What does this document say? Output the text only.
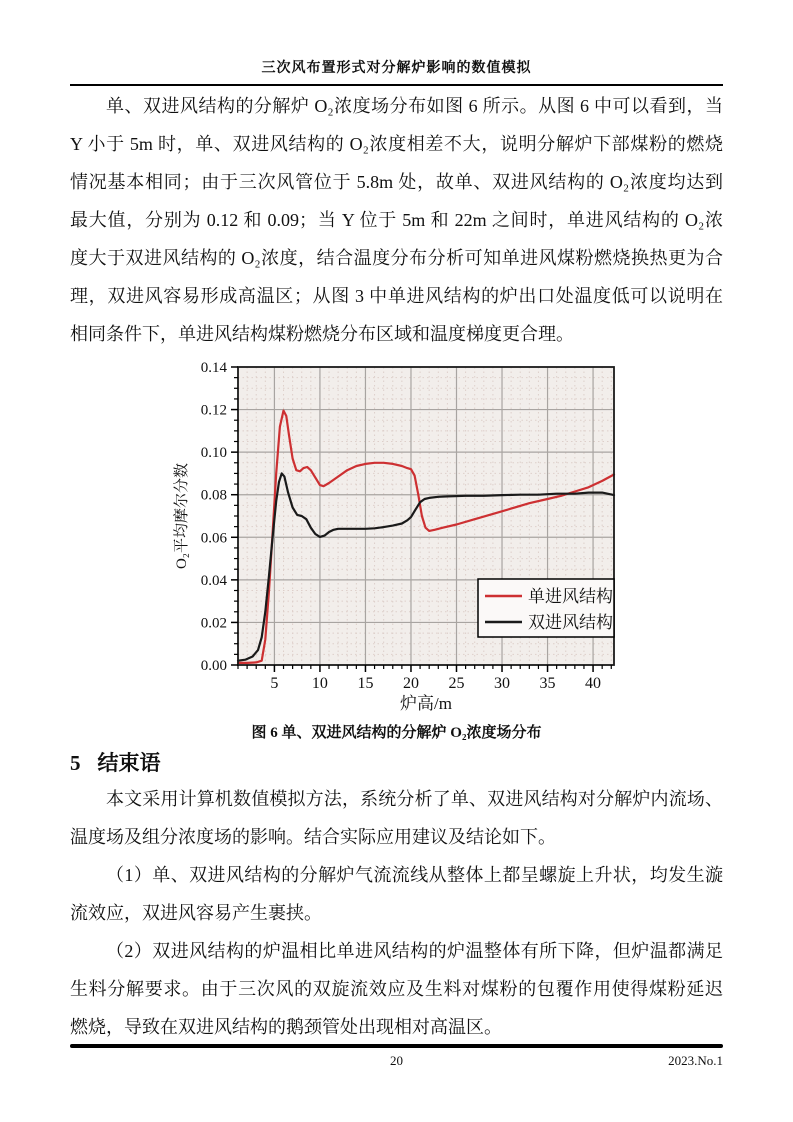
三次风布置形式对分解炉影响的数值模拟
单、双进风结构的分解炉 O₂浓度场分布如图 6 所示。从图 6 中可以看到，当
Y 小于 5m 时，单、双进风结构的 O₂浓度相差不大，说明分解炉下部煤粉的燃烧
情况基本相同；由于三次风管位于 5.8m 处，故单、双进风结构的 O₂浓度均达到
最大值，分别为 0.12 和 0.09；当 Y 位于 5m 和 22m 之间时，单进风结构的 O₂浓
度大于双进风结构的 O₂浓度，结合温度分布分析可知单进风煤粉燃烧换热更为合
理，双进风容易形成高温区；从图 3 中单进风结构的炉出口处温度低可以说明在
相同条件下，单进风结构煤粉燃烧分布区域和温度梯度更合理。
5 10 15 20 25 30 35 40
0.00
0.02
0.04
0.06
0.08
0.10
0.12
0.14
炉高/m
O₂平均摩尔分数
单进风结构
双进风结构
图 6 单、双进风结构的分解炉 O₂浓度场分布
5 结束语
本文采用计算机数值模拟方法，系统分析了单、双进风结构对分解炉内流场、
温度场及组分浓度场的影响。结合实际应用建议及结论如下。
（1）单、双进风结构的分解炉气流流线从整体上都呈螺旋上升状，均发生漩
流效应，双进风容易产生裹挟。
（2）双进风结构的炉温相比单进风结构的炉温整体有所下降，但炉温都满足
生料分解要求。由于三次风的双旋流效应及生料对煤粉的包覆作用使得煤粉延迟
燃烧，导致在双进风结构的鹅颈管处出现相对高温区。
20	2023.No.1
